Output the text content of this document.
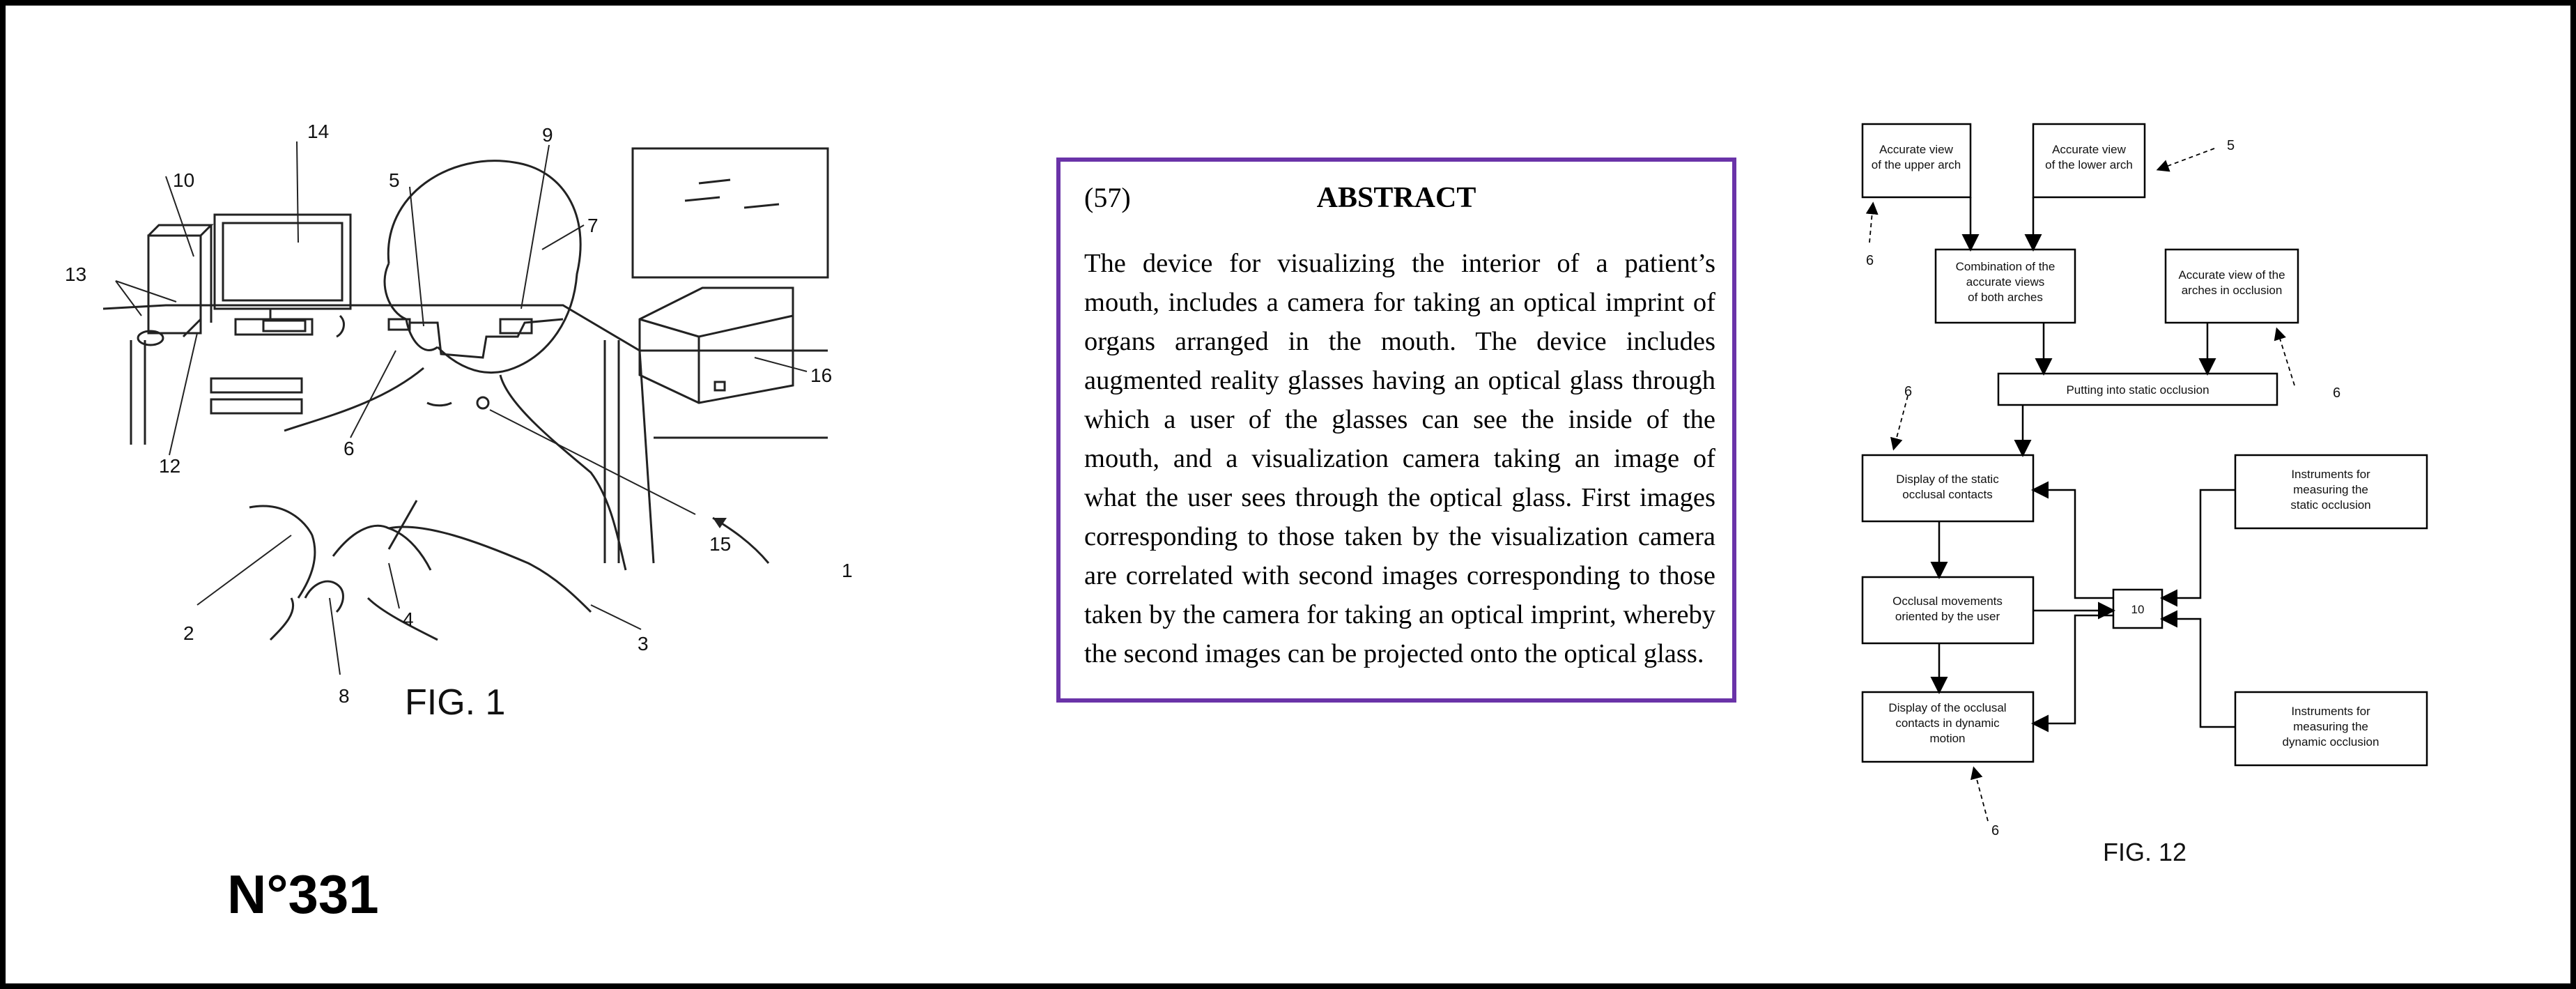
14
10
9
5
7
13
16
12
6
15
1
2
4
3
8 FIG. 1
(57)	ABSTRACT
The device for visualizing the interior of a patient’s mouth, includes a camera for taking an optical imprint of organs arranged in the mouth. The device includes augmented reality glasses having an optical glass through which a user of the glasses can see the inside of the mouth, and a visualization camera taking an image of what the user sees through the optical glass. First images corresponding to those taken by the visualization camera are correlated with second images corresponding to those taken by the camera for taking an optical imprint, whereby the second images can be projected onto the optical glass.
Accurate view of the upper arch
Accurate view of the lower arch
Combination of the accurate views of both arches
Accurate view of the arches in occlusion
Putting into static occlusion
Display of the static occlusal contacts
Occlusal movements oriented by the user
Display of the occlusal contacts in dynamic motion
10
Instruments for measuring the static occlusion
Instruments for measuring the dynamic occlusion
5
6
6
6
6
FIG. 12
N°331
